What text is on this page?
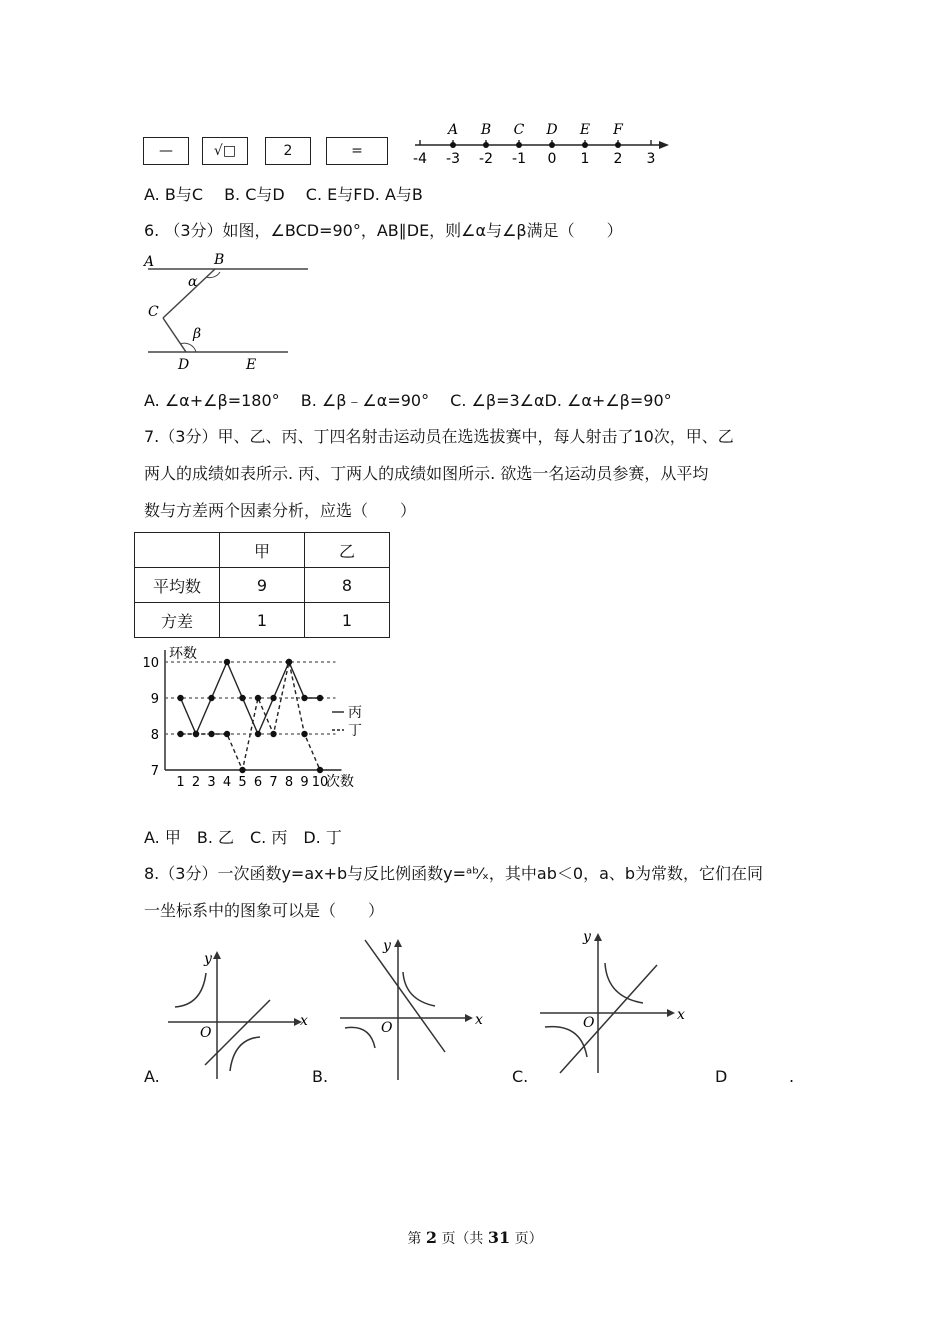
—	√□	2	=	-4 -3 -2 -1 0 1 2 3
A B C D E F
A. B与C　 B. C与D　 C. E与FD. A与B
6. （3分）如图，∠BCD=90°，AB∥DE，则∠α与∠β满足（　　）
A	B
C
D	E
α
β
A. ∠α+∠β=180°　 B. ∠β﹣∠α=90°　 C. ∠β=3∠αD. ∠α+∠β=90°
7.（3分）甲、乙、丙、丁四名射击运动员在选选拔赛中，每人射击了10次，甲、乙
两人的成绩如表所示. 丙、丁两人的成绩如图所示. 欲选一名运动员参赛，从平均
数与方差两个因素分析，应选（　　）
	甲	乙
平均数	9	8
方差	1	1
环数
次数
7
8
9
10
1 2 3 4 5 6 7 8 9 10
丙
丁
A. 甲　B. 乙　C. 丙　D. 丁
8.（3分）一次函数y=ax+b与反比例函数y=ᵃᵇ⁄ₓ，其中ab＜0，a、b为常数，它们在同
一坐标系中的图象可以是（　　）
x
y
O
x
y
O
x
y
O
A.	B.	C.	D	.
第 2 页（共 31 页）
